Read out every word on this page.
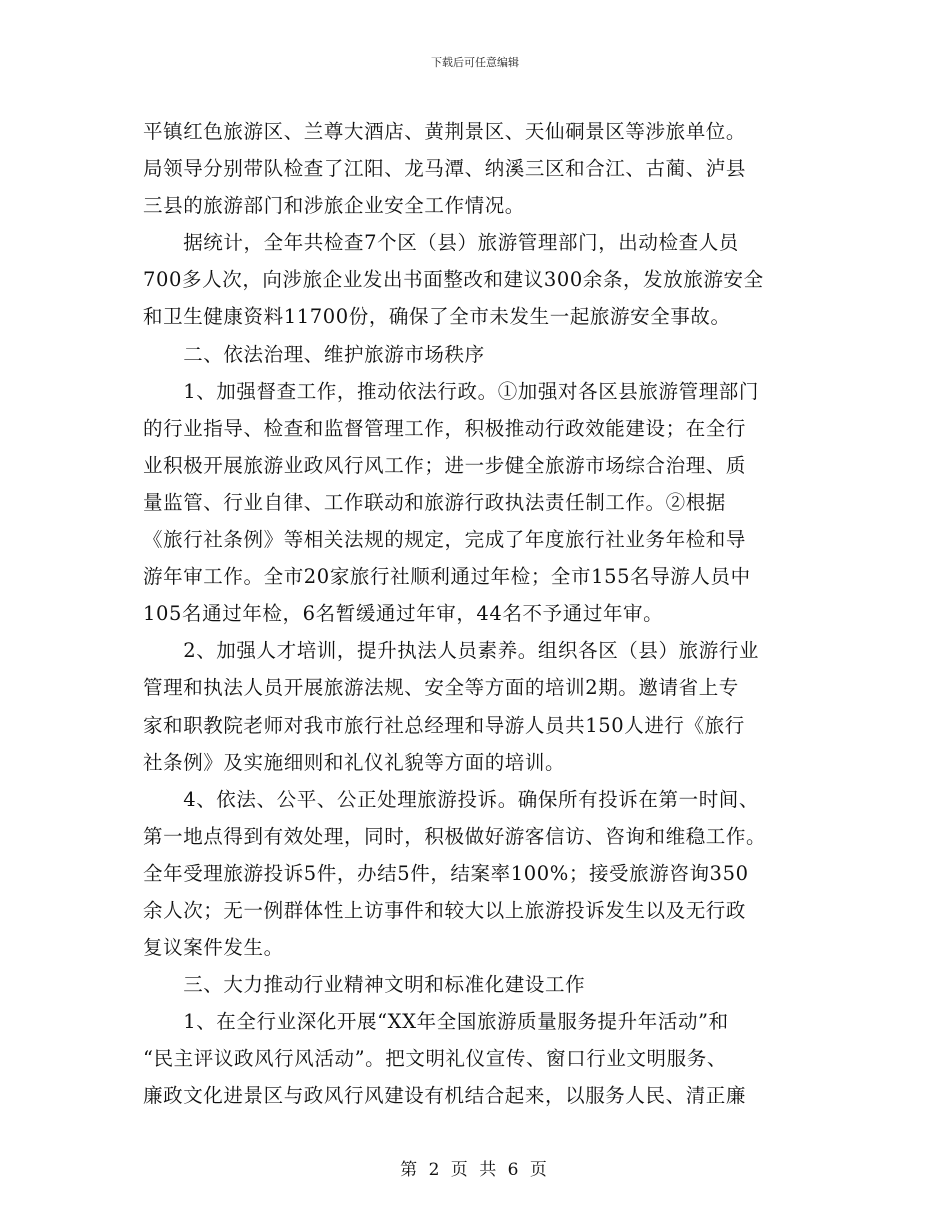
下载后可任意编辑
平镇红色旅游区、兰尊大酒店、黄荆景区、天仙硐景区等涉旅单位。
局领导分别带队检查了江阳、龙马潭、纳溪三区和合江、古蔺、泸县
三县的旅游部门和涉旅企业安全工作情况。
　　据统计，全年共检查7个区（县）旅游管理部门，出动检查人员
700多人次，向涉旅企业发出书面整改和建议300余条，发放旅游安全
和卫生健康资料11700份，确保了全市未发生一起旅游安全事故。
　　二、依法治理、维护旅游市场秩序
　　1、加强督查工作，推动依法行政。①加强对各区县旅游管理部门
的行业指导、检查和监督管理工作，积极推动行政效能建设；在全行
业积极开展旅游业政风行风工作；进一步健全旅游市场综合治理、质
量监管、行业自律、工作联动和旅游行政执法责任制工作。②根据
《旅行社条例》等相关法规的规定，完成了年度旅行社业务年检和导
游年审工作。全市20家旅行社顺利通过年检；全市155名导游人员中
105名通过年检，6名暂缓通过年审，44名不予通过年审。
　　2、加强人才培训，提升执法人员素养。组织各区（县）旅游行业
管理和执法人员开展旅游法规、安全等方面的培训2期。邀请省上专
家和职教院老师对我市旅行社总经理和导游人员共150人进行《旅行
社条例》及实施细则和礼仪礼貌等方面的培训。
　　4、依法、公平、公正处理旅游投诉。确保所有投诉在第一时间、
第一地点得到有效处理，同时，积极做好游客信访、咨询和维稳工作。
全年受理旅游投诉5件，办结5件，结案率100%；接受旅游咨询350
余人次；无一例群体性上访事件和较大以上旅游投诉发生以及无行政
复议案件发生。
　　三、大力推动行业精神文明和标准化建设工作
　　1、在全行业深化开展“XX年全国旅游质量服务提升年活动”和
“民主评议政风行风活动”。把文明礼仪宣传、窗口行业文明服务、
廉政文化进景区与政风行风建设有机结合起来，以服务人民、清正廉
第 2 页 共 6 页
